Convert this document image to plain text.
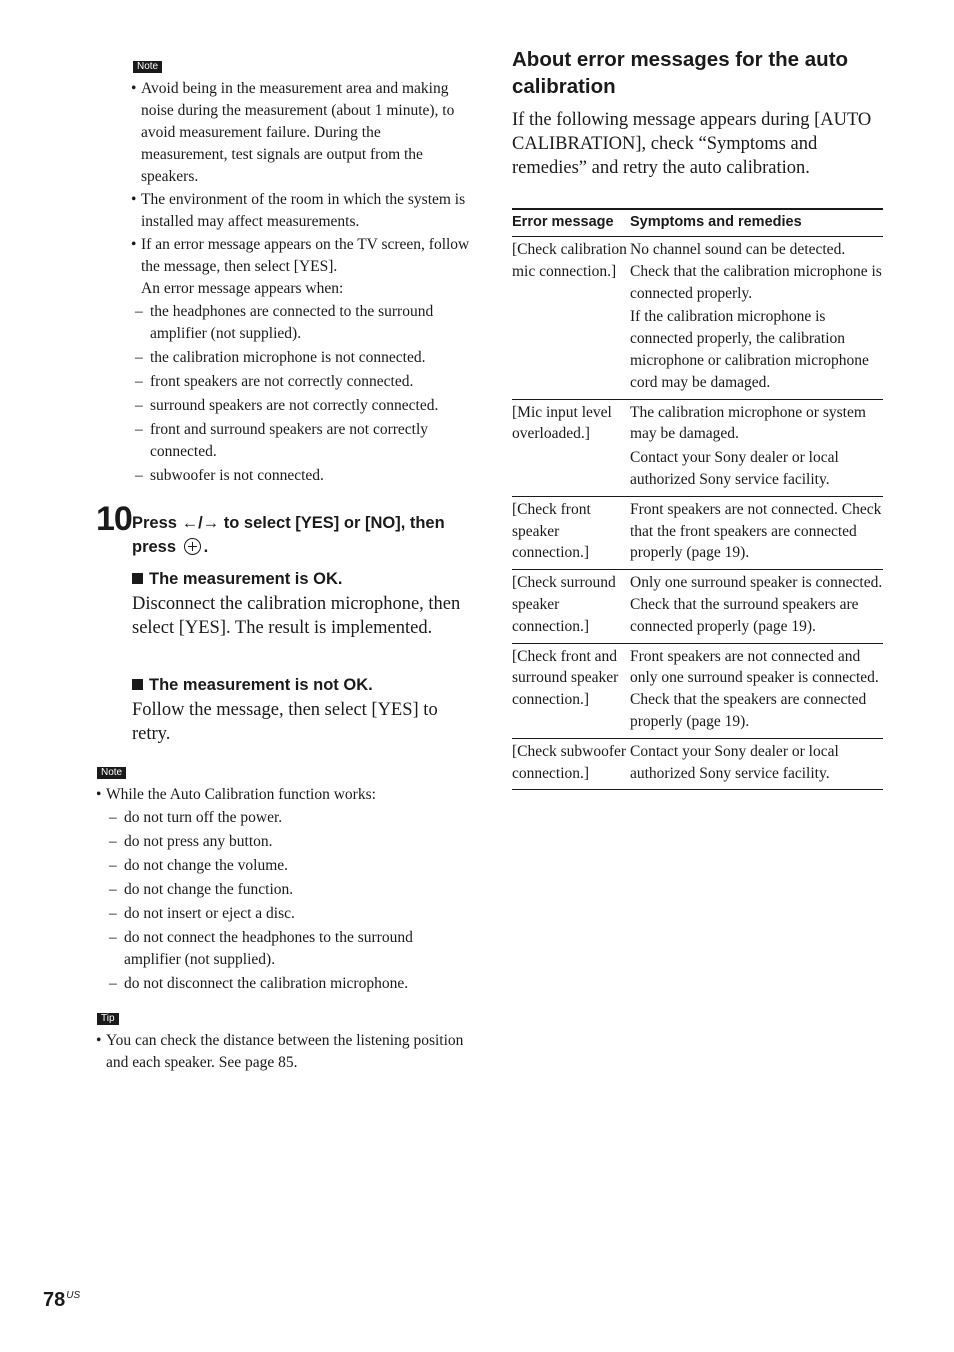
Note
• Avoid being in the measurement area and making noise during the measurement (about 1 minute), to avoid measurement failure. During the measurement, test signals are output from the speakers.
• The environment of the room in which the system is installed may affect measurements.
• If an error message appears on the TV screen, follow the message, then select [YES].
An error message appears when:
– the headphones are connected to the surround amplifier (not supplied).
– the calibration microphone is not connected.
– front speakers are not correctly connected.
– surround speakers are not correctly connected.
– front and surround speakers are not correctly connected.
– subwoofer is not connected.
10 Press ←/→ to select [YES] or [NO], then press .
The measurement is OK.

Disconnect the calibration microphone, then select [YES]. The result is implemented.

The measurement is not OK.

Follow the message, then select [YES] to retry.

Note
• While the Auto Calibration function works:
– do not turn off the power.
– do not press any button.
– do not change the volume.
– do not change the function.
– do not insert or eject a disc.
– do not connect the headphones to the surround amplifier (not supplied).
– do not disconnect the calibration microphone.
Tip
• You can check the distance between the listening position and each speaker. See page 85.
About error messages for the auto calibration

If the following message appears during [AUTO CALIBRATION], check “Symptoms and remedies” and retry the auto calibration.

Error message	Symptoms and remedies
[Check calibration mic connection.]	No channel sound can be detected. Check that the calibration microphone is connected properly.

If the calibration microphone is connected properly, the calibration microphone or calibration microphone cord may be damaged.

[Mic input level overloaded.]	The calibration microphone or system may be damaged.

Contact your Sony dealer or local authorized Sony service facility.

[Check front speaker connection.]	Front speakers are not connected. Check that the front speakers are connected properly (page 19).

[Check surround speaker connection.]	Only one surround speaker is connected. Check that the surround speakers are connected properly (page 19).

[Check front and surround speaker connection.]	Front speakers are not connected and only one surround speaker is connected. Check that the speakers are connected properly (page 19).

[Check subwoofer connection.]	Contact your Sony dealer or local authorized Sony service facility.

$78^{US}$
